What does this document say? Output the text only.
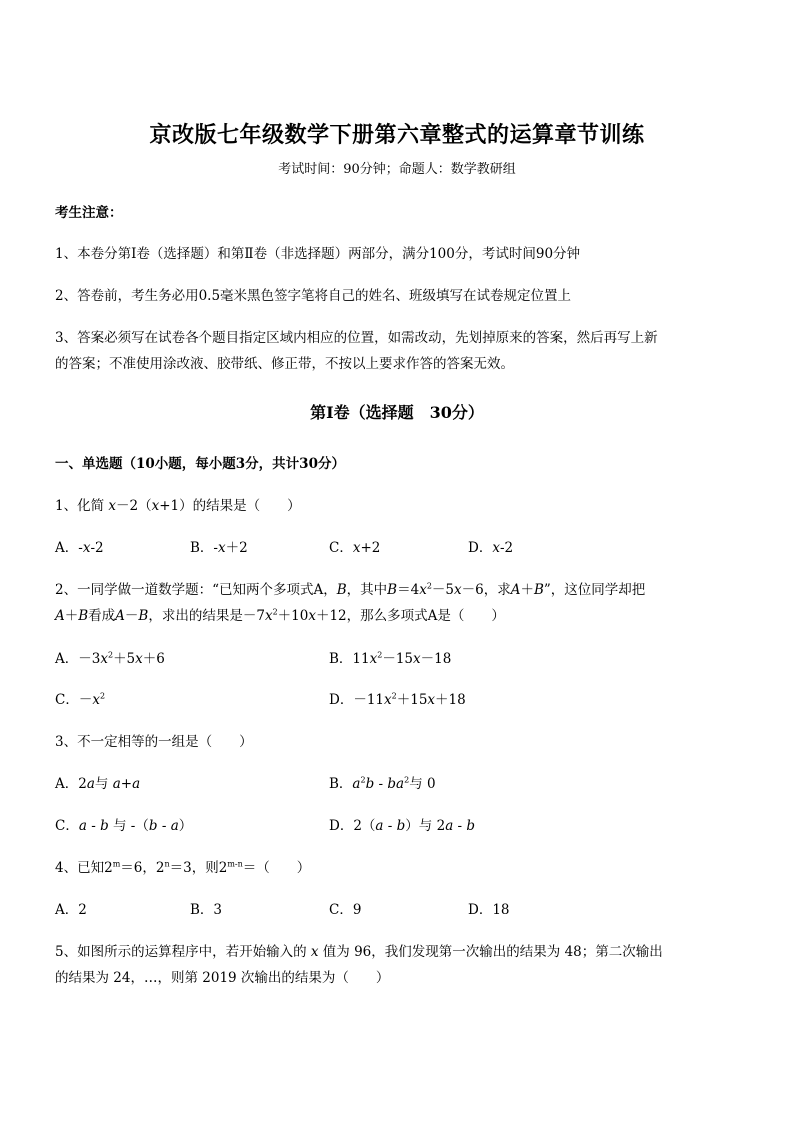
京改版七年级数学下册第六章整式的运算章节训练
考试时间：90分钟；命题人：数学教研组
考生注意：
1、本卷分第Ⅰ卷（选择题）和第Ⅱ卷（非选择题）两部分，满分100分，考试时间90分钟
2、答卷前，考生务必用0.5毫米黑色签字笔将自己的姓名、班级填写在试卷规定位置上
3、答案必须写在试卷各个题目指定区域内相应的位置，如需改动，先划掉原来的答案，然后再写上新
的答案；不准使用涂改液、胶带纸、修正带，不按以上要求作答的答案无效。
第Ⅰ卷（选择题　30分）
一、单选题（10小题，每小题3分，共计30分）
1、化简 x－2（x+1）的结果是（　　）
A．-x-2	B．-x＋2	C．x+2	D．x-2
2、一同学做一道数学题：“已知两个多项式A，B，其中$B=4x^2-5x-6$，求A＋B”，这位同学却把
A＋B看成A－B，求出的结果是$-7x^2+10x+12$，那么多项式A是（　　）
A．$-3x^2+5x+6$	B．$11x^2-15x-18$
C．$-x^2$	D．$-11x^2+15x+18$
3、不一定相等的一组是（　　）
A．2a与 a+a	B．$a^2b - ba^2$与 0
C．a - b 与 -（b - a）	D．2（a - b）与 2a - b
4、已知$2^m=6$，$2^n=3$，则$2^{m-n}=$（　　）
A．2	B．3	C．9	D．18
5、如图所示的运算程序中，若开始输入的 x 值为 96，我们发现第一次输出的结果为 48；第二次输出
的结果为 24，…，则第 2019 次输出的结果为（　　）
